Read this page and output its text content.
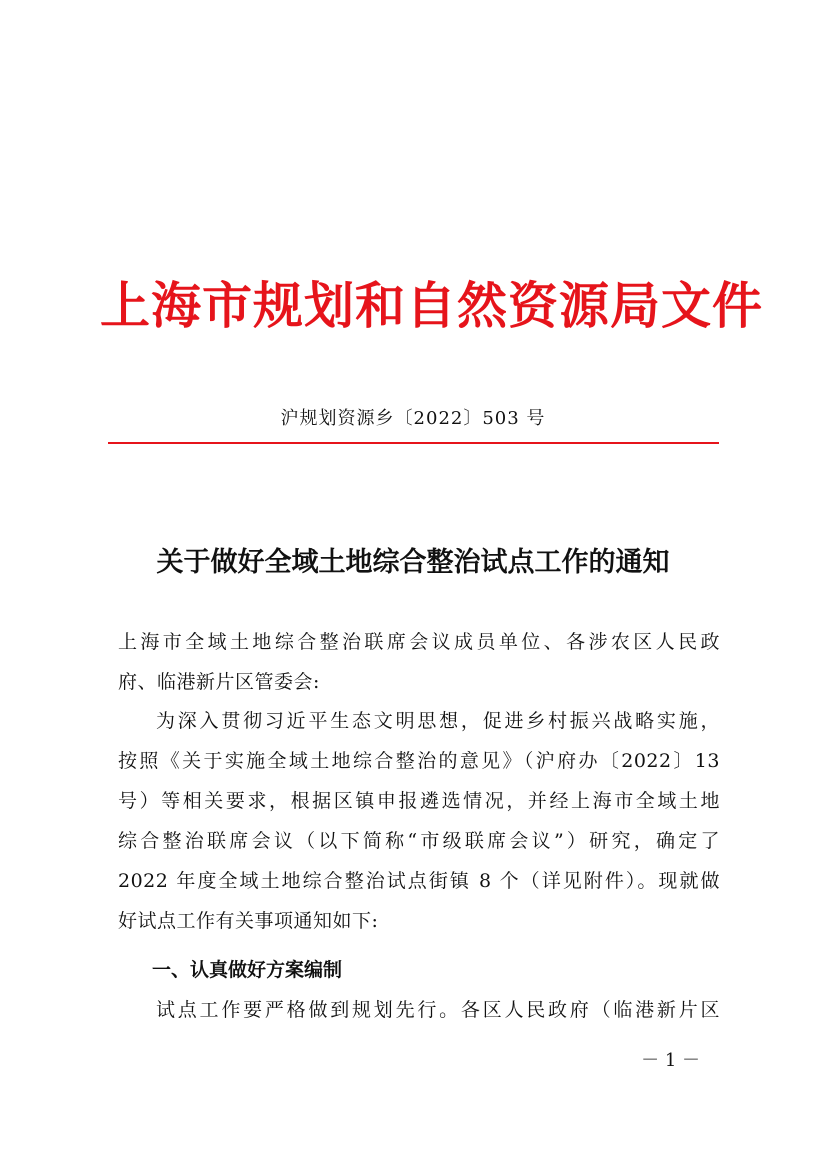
上海市规划和自然资源局文件
沪规划资源乡〔2022〕503 号
关于做好全域土地综合整治试点工作的通知
上海市全域土地综合整治联席会议成员单位、各涉农区人民政
府、临港新片区管委会:
为深入贯彻习近平生态文明思想，促进乡村振兴战略实施，
按照《关于实施全域土地综合整治的意见》（沪府办〔2022〕13
号）等相关要求，根据区镇申报遴选情况，并经上海市全域土地
综合整治联席会议（以下简称“市级联席会议”）研究，确定了
2022 年度全域土地综合整治试点街镇 8 个（详见附件）。现就做
好试点工作有关事项通知如下:
一、认真做好方案编制
试点工作要严格做到规划先行。各区人民政府（临港新片区
－ 1 －
